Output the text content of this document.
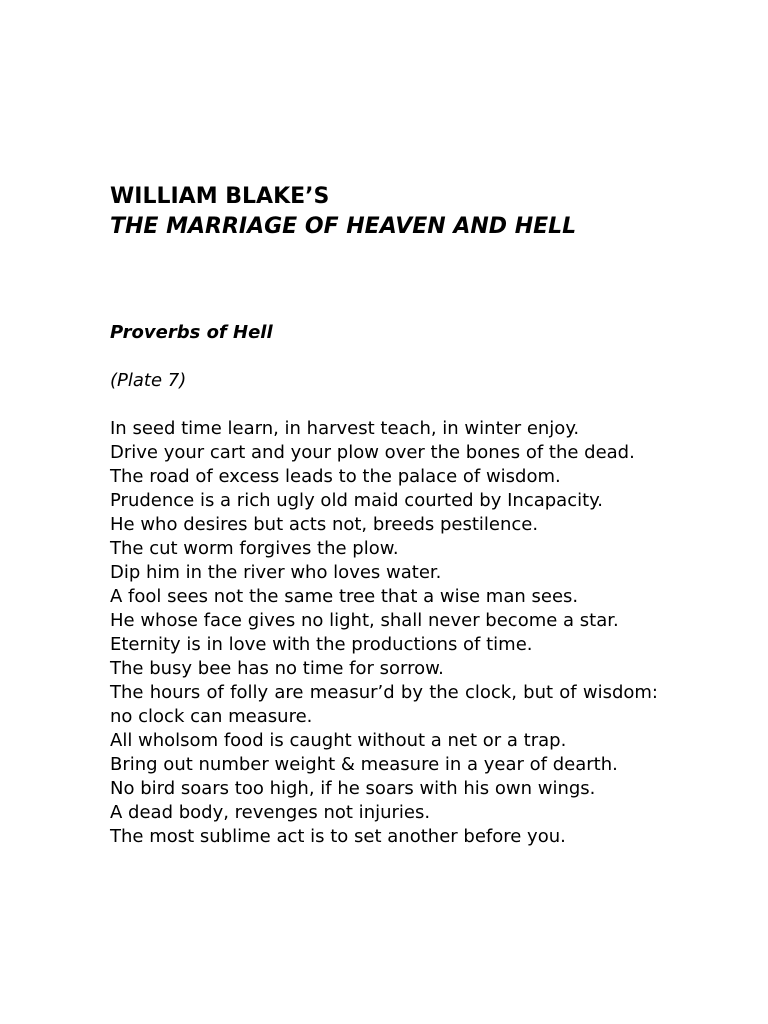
WILLIAM BLAKE’S
THE MARRIAGE OF HEAVEN AND HELL
Proverbs of Hell

(Plate 7)

In seed time learn, in harvest teach, in winter enjoy.
Drive your cart and your plow over the bones of the dead.
The road of excess leads to the palace of wisdom.
Prudence is a rich ugly old maid courted by Incapacity.
He who desires but acts not, breeds pestilence.
The cut worm forgives the plow.
Dip him in the river who loves water.
A fool sees not the same tree that a wise man sees.
He whose face gives no light, shall never become a star.
Eternity is in love with the productions of time.
The busy bee has no time for sorrow.
The hours of folly are measur’d by the clock, but of wisdom: no clock can measure.
All wholsom food is caught without a net or a trap.
Bring out number weight & measure in a year of dearth.
No bird soars too high, if he soars with his own wings.
A dead body, revenges not injuries.
The most sublime act is to set another before you.
